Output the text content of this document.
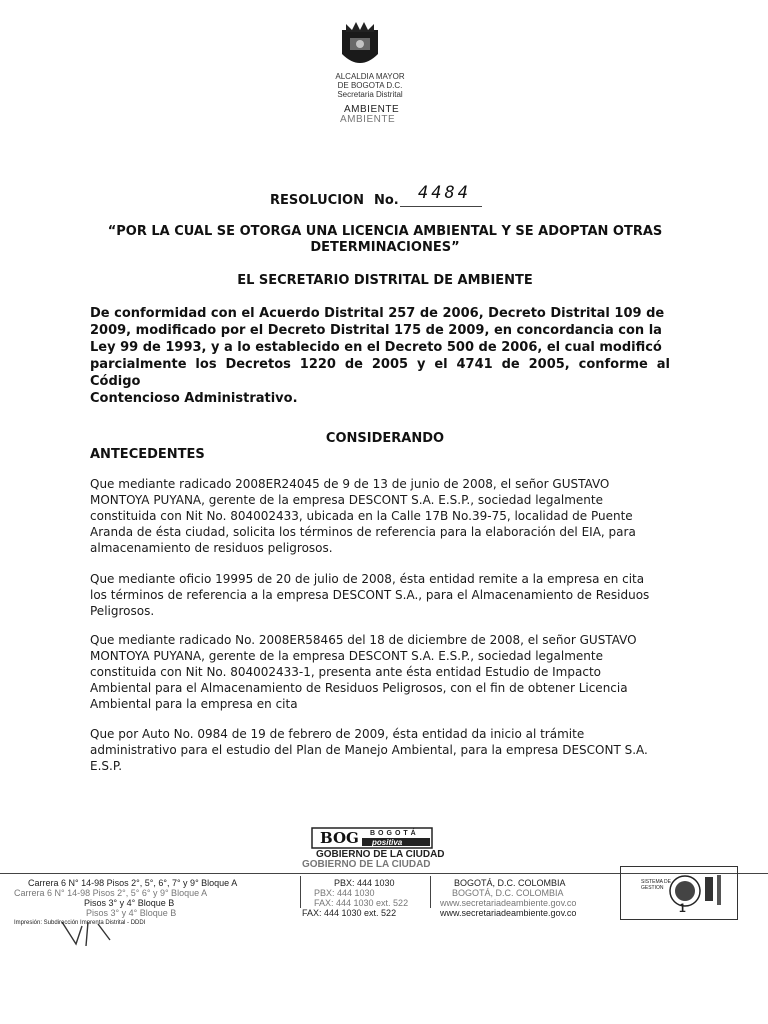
ALCALDIA MAYOR
DE BOGOTA D.C.
Secretaria Distrital
AMBIENTE
AMBIENTE
RESOLUCION No. 4484
“POR LA CUAL SE OTORGA UNA LICENCIA AMBIENTAL Y SE ADOPTAN OTRAS
DETERMINACIONES”
EL SECRETARIO DISTRITAL DE AMBIENTE
De conformidad con el Acuerdo Distrital 257 de 2006, Decreto Distrital 109 de
2009, modificado por el Decreto Distrital 175 de 2009, en concordancia con la
Ley 99 de 1993, y a lo establecido en el Decreto 500 de 2006, el cual modificó
parcialmente los Decretos 1220 de 2005 y el 4741 de 2005, conforme al Código
Contencioso Administrativo.
CONSIDERANDO
ANTECEDENTES
Que mediante radicado 2008ER24045 de 9 de 13 de junio de 2008, el señor GUSTAVO
MONTOYA PUYANA, gerente de la empresa DESCONT S.A. E.S.P., sociedad legalmente
constituida con Nit No. 804002433, ubicada en la Calle 17B No.39-75, localidad de Puente
Aranda de ésta ciudad, solicita los términos de referencia para la elaboración del EIA, para
almacenamiento de residuos peligrosos.
Que mediante oficio 19995 de 20 de julio de 2008, ésta entidad remite a la empresa en cita
los términos de referencia a la empresa DESCONT S.A., para el Almacenamiento de Residuos
Peligrosos.
Que mediante radicado No. 2008ER58465 del 18 de diciembre de 2008, el señor GUSTAVO
MONTOYA PUYANA, gerente de la empresa DESCONT S.A. E.S.P., sociedad legalmente
constituida con Nit No. 804002433-1, presenta ante ésta entidad Estudio de Impacto
Ambiental para el Almacenamiento de Residuos Peligrosos, con el fin de obtener Licencia
Ambiental para la empresa en cita
Que por Auto No. 0984 de 19 de febrero de 2009, ésta entidad da inicio al trámite
administrativo para el estudio del Plan de Manejo Ambiental, para la empresa DESCONT S.A.
E.S.P.
BOG BOGOTÁ
positiva
GOBIERNO DE LA CIUDAD
GOBIERNO DE LA CIUDAD
Carrera 6 N° 14-98 Pisos 2°, 5°, 6°, 7° y 9° Bloque A
Carrera 6 N° 14-98 Pisos 2°, 5° 6° y 9° Bloque A
Pisos 3° y 4° Bloque B
Pisos 3° y 4° Bloque B
Impresión: Subdirección Imprenta Distrital - DDDI
PBX: 444 1030
PBX: 444 1030
FAX: 444 1030 ext. 522
FAX: 444 1030 ext. 522
BOGOTÁ, D.C. COLOMBIA
BOGOTÁ, D.C. COLOMBIA
www.secretariadeambiente.gov.co
www.secretariadeambiente.gov.co
SISTEMA DE GESTION
1
